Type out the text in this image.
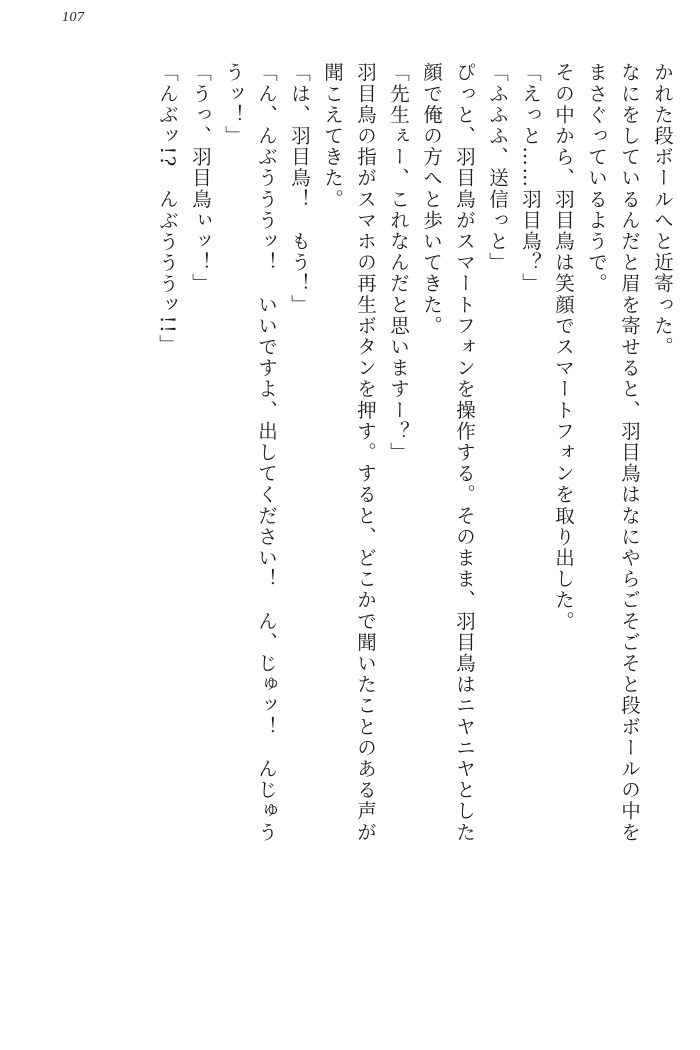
107
かれた段ボールへと近寄った。
なにをしているんだと眉を寄せると、羽目鳥はなにやらごそごそと段ボールの中を
まさぐっているようで。
その中から、羽目鳥は笑顔でスマートフォンを取り出した。
「えっと……羽目鳥？」
「ふふふ、送信っと」
ぴっと、羽目鳥がスマートフォンを操作する。そのまま、羽目鳥はニヤニヤとした
顔で俺の方へと歩いてきた。
「先生ぇー、これなんだと思いますー？」
羽目鳥の指がスマホの再生ボタンを押す。すると、どこかで聞いたことのある声が
聞こえてきた。
「は、羽目鳥！　もう！」
「ん、んぶうううッ！　いいですよ、出してください！　ん、じゅッ！　んじゅう
うッ！」
「うっ、羽目鳥ぃッ！」
「んぶッ!?　んぶうううッ!!」
